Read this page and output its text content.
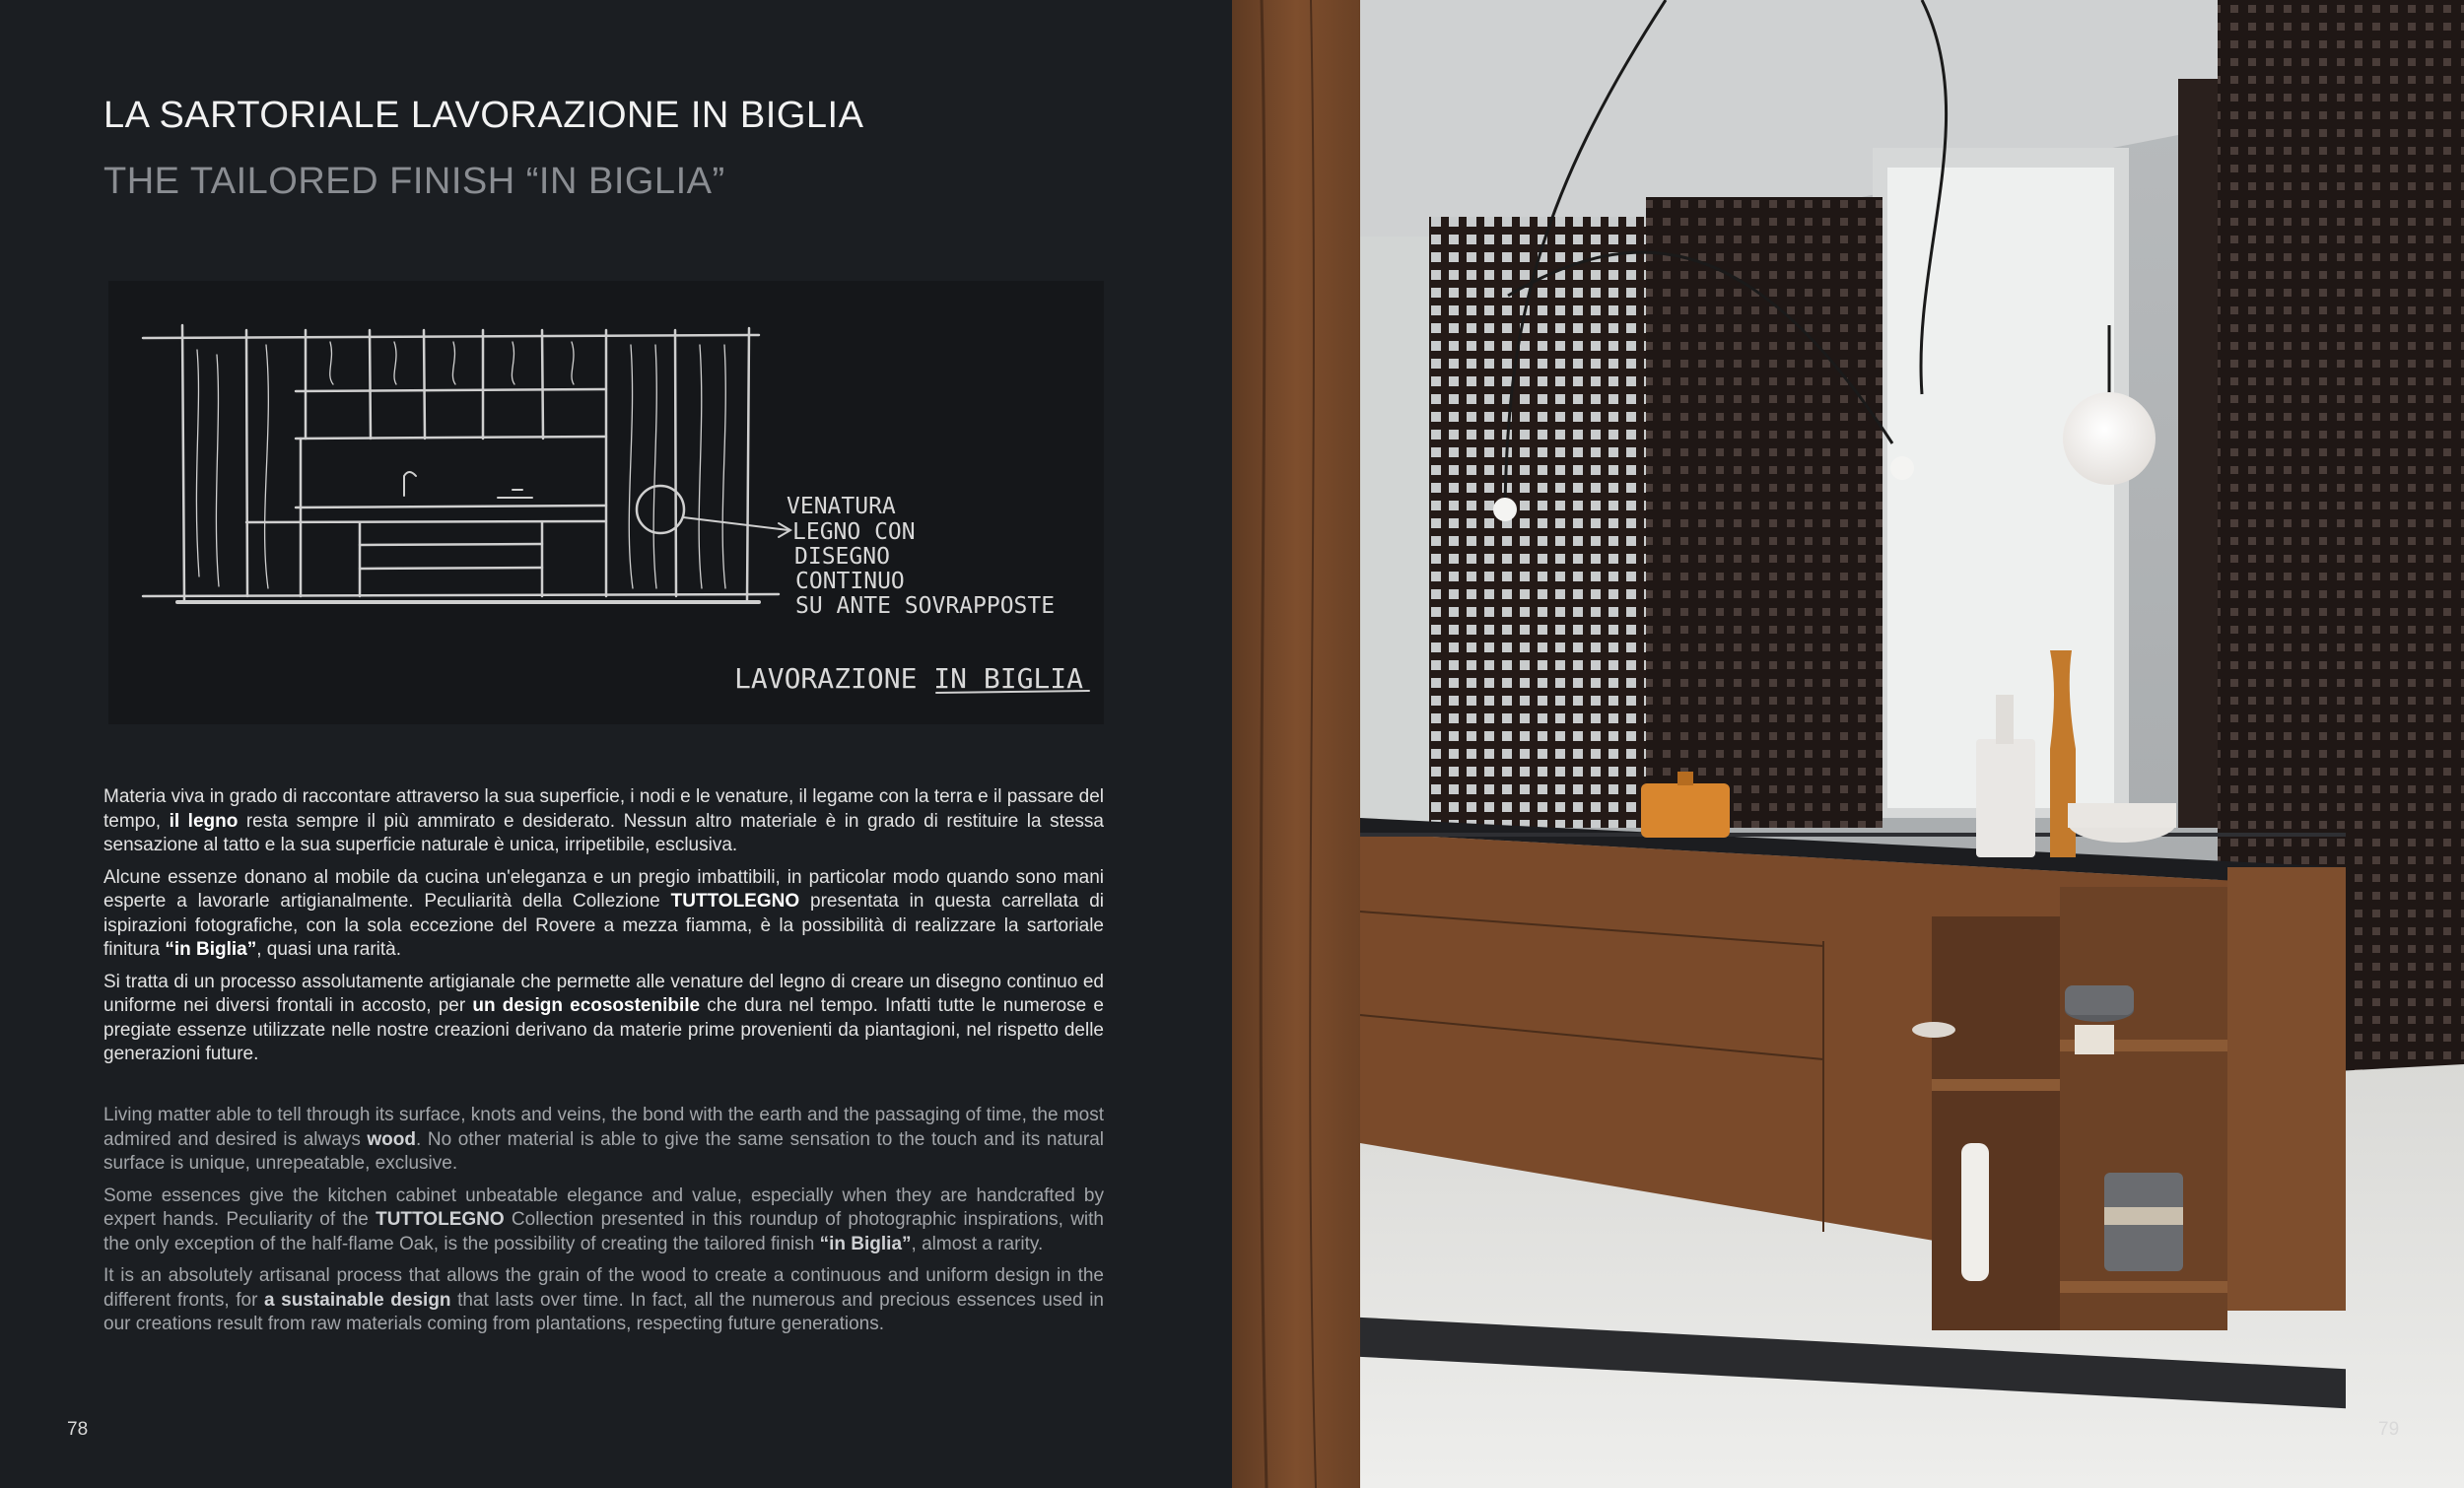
LA SARTORIALE LAVORAZIONE IN BIGLIA
THE TAILORED FINISH “IN BIGLIA”
VENATURA
LEGNO CON
DISEGNO
CONTINUO
SU ANTE SOVRAPPOSTE
LAVORAZIONE IN BIGLIA

Materia viva in grado di raccontare attraverso la sua superficie, i nodi e le venature, il legame con la terra e il passare del tempo, il legno resta sempre il più ammirato e desiderato. Nessun altro materiale è in grado di restituire la stessa sensazione al tatto e la sua superficie naturale è unica, irripetibile, esclusiva.

Alcune essenze donano al mobile da cucina un'eleganza e un pregio imbattibili, in particolar modo quando sono mani esperte a lavorarle artigianalmente. Peculiarità della Collezione TUTTOLEGNO presentata in questa carrellata di ispirazioni fotografiche, con la sola eccezione del Rovere a mezza fiamma, è la possibilità di realizzare la sartoriale finitura “in Biglia”, quasi una rarità.

Si tratta di un processo assolutamente artigianale che permette alle venature del legno di creare un disegno continuo ed uniforme nei diversi frontali in accosto, per un design ecosostenibile che dura nel tempo. Infatti tutte le numerose e pregiate essenze utilizzate nelle nostre creazioni derivano da materie prime provenienti da piantagioni, nel rispetto delle generazioni future.

Living matter able to tell through its surface, knots and veins, the bond with the earth and the passaging of time, the most admired and desired is always wood. No other material is able to give the same sensation to the touch and its natural surface is unique, unrepeatable, exclusive.

Some essences give the kitchen cabinet unbeatable elegance and value, especially when they are handcrafted by expert hands. Peculiarity of the TUTTOLEGNO Collection presented in this roundup of photographic inspirations, with the only exception of the half-flame Oak, is the possibility of creating the tailored finish “in Biglia”, almost a rarity.

It is an absolutely artisanal process that allows the grain of the wood to create a continuous and uniform design in the different fronts, for a sustainable design that lasts over time. In fact, all the numerous and precious essences used in our creations result from raw materials coming from plantations, respecting future generations.

78	79
